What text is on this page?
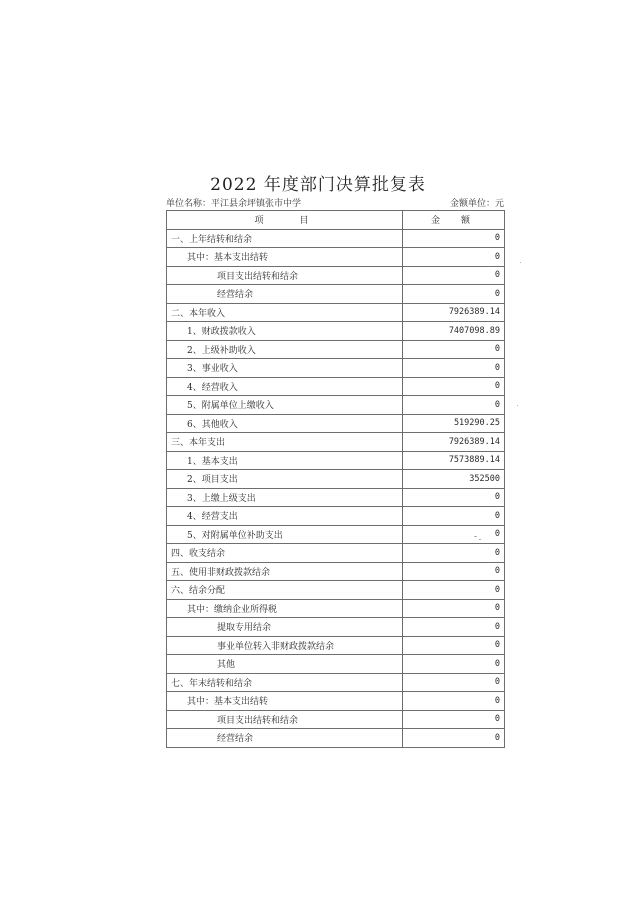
2022 年度部门决算批复表
单位名称：平江县余坪镇张市中学	金额单位：元
项　　目	金　额
一、上年结转和结余	0
其中：基本支出结转	0
项目支出结转和结余	0
经营结余	0
二、本年收入	7926389.14
1、财政拨款收入	7407098.89
2、上级补助收入	0
3、事业收入	0
4、经营收入	0
5、附属单位上缴收入	0
6、其他收入	519290.25
三、本年支出	7926389.14
1、基本支出	7573889.14
2、项目支出	352500
3、上缴上级支出	0
4、经营支出	0
5、对附属单位补助支出	0
四、收支结余	0
五、使用非财政拨款结余	0
六、结余分配	0
其中：缴纳企业所得税	0
提取专用结余	0
事业单位转入非财政拨款结余	0
其他	0
七、年末结转和结余	0
其中：基本支出结转	0
项目支出结转和结余	0
经营结余	0
